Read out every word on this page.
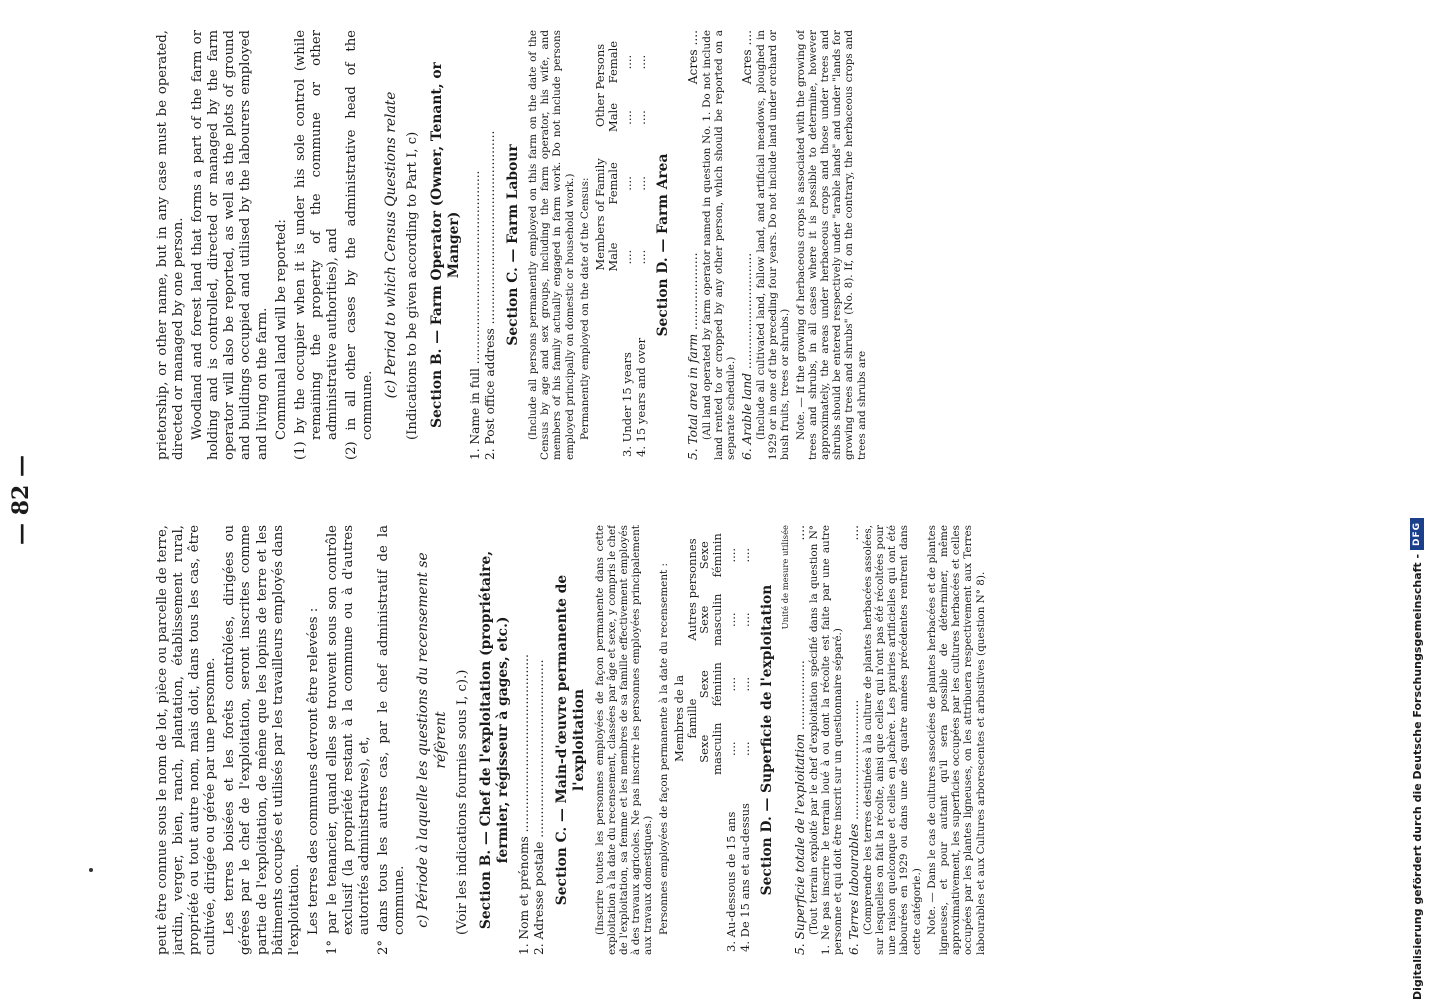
— 82 —

peut être connue sous le nom de lot, pièce ou parcelle de terre, jardin, verger, bien, ranch, plantation, établissement rural, propriété ou tout autre nom, mais doit, dans tous les cas, être cultivée, dirigée ou gérée par une personne. Les terres boisées et les forêts contrôlées, dirigées ou gérées par le chef de l'exploitation, seront inscrites comme partie de l'exploitation, de même que les lopins de terre et les bâtiments occupés et utilisés par les travailleurs employés dans l'exploitation. Les terres des communes devront être relevées : 1° par le tenancier, quand elles se trouvent sous son contrôle exclusif (la propriété restant à la commune ou à d'autres autorités administratives), et, 2° dans tous les autres cas, par le chef administratif de la commune. c) Période à laquelle les questions du recensement se réfèrent (Voir les indications fournies sous I, c).) Section B. — Chef de l'exploitation (propriétaire, fermier, régisseur à gages, etc.)

1. Nom et prénoms ..............................................

2. Adresse postale .............................................. Section C. — Main-d'œuvre permanente de l'exploitation (Inscrire toutes les personnes employées de façon permanente dans cette exploitation à la date du recensement, classées par âge et sexe, y compris le chef de l'exploitation, sa femme et les membres de sa famille effectivement employés à des travaux agricoles. Ne pas inscrire les personnes employées principalement aux travaux domestiques.) Personnes employées de façon permanente à la date du recensement :

	Membres de la famille		Autres personnes	
	Sexe masculin	Sexe féminin	Sexe masculin	Sexe féminin
3. Au-dessous de 15 ans	....	....	....	....
4. De 15 ans et au-dessus	....	....	....	....
Section D. — Superficie de l'exploitation
Unité de mesure utilisée

5. Superficie totale de l'exploitation ..................
.... (Tout terrain exploité par le chef d'exploitation spécifié dans la question N° 1. Ne pas inscrire le terrain loué à ou dont la récolte est faite par une autre personne et qui doit être inscrit sur un questionnaire séparé.) 6. Terres labourables ...............................
.... (Comprendre les terres destinées à la culture de plantes herbacées assolées, sur lesquelles on fait la récolte, ainsi que celles qui n'ont pas été récoltées pour une raison quelconque et celles en jachère. Les prairies artificielles qui ont été labourées en 1929 ou dans une des quatre années précédentes rentrent dans cette catégorie.) Note. — Dans le cas de cultures associées de plantes herbacées et de plantes ligneuses, et pour autant qu'il sera possible de déterminer, même approximativement, les superficies occupées par les cultures herbacées et celles occupées par les plantes ligneuses, on les attribuera respectivement aux Terres labourables et aux Cultures arborescentes et arbustives (question N° 8).

prietorship, or other name, but in any case must be operated, directed or managed by one person. Woodland and forest land that forms a part of the farm or holding and is controlled, directed or managed by the farm operator will also be reported, as well as the plots of ground and buildings occupied and utilised by the labourers employed and living on the farm. Communal land will be reported: (1) by the occupier when it is under his sole control (while remaining the property of the commune or other administrative authorities), and (2) in all other cases by the administrative head of the commune.

(c) Period to which Census Questions relate (Indications to be given according to Part I, c) Section B. — Farm Operator (Owner, Tenant, or Manger)

1. Name in full ..................................................

2. Post office address .................................................. Section C. — Farm Labour (Include all persons permanently employed on this farm on the date of the Census by age and sex groups, including the farm operator, his wife, and members of his family actually engaged in farm work. Do not include persons employed principally on domestic or household work.) Permanently employed on the date of the Census:

	Members of Family		Other Persons	
	Male	Female	Male	Female
3. Under 15 years	....	....	....	....
4. 15 years and over	....	....	....	....
Section D. — Farm Area

5. Total area in farm ....................
Acres .... (All land operated by farm operator named in question No. 1. Do not include land rented to or cropped by any other person, which should be reported on a separate schedule.) 6. Arable land ..............................
Acres .... (Include all cultivated land, fallow land, and artificial meadows, ploughed in 1929 or in one of the preceding four years. Do not include land under orchard or bush fruits, trees or shrubs.) Note. — If the growing of herbaceous crops is associated with the growing of trees and shrubs, in all cases where it is possible to determine, however approximately, the areas under herbaceous crops and those under trees and shrubs should be entered respectively under "arable lands" and under "lands for growing trees and shrubs" (No. 8). If, on the contrary, the herbaceous crops and trees and shrubs are

Digitalisierung gefördert durch die Deutsche Forschungsgemeinschaft -
DFG
